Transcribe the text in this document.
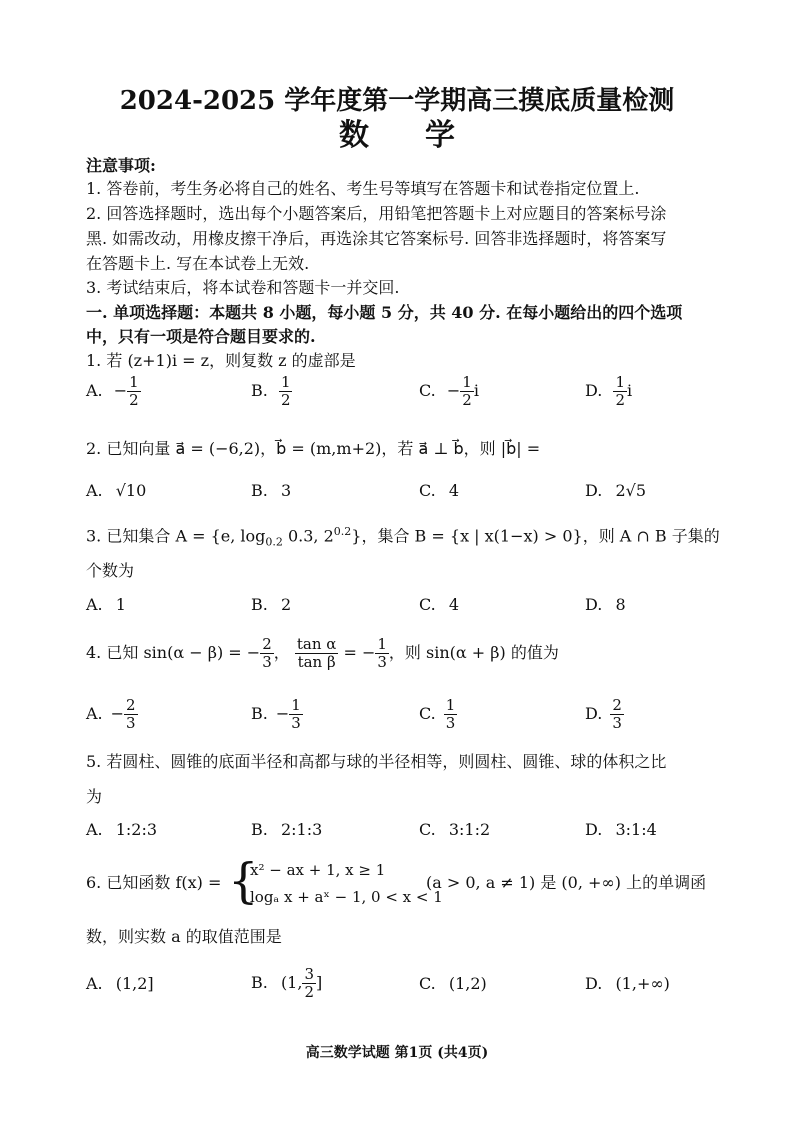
2024-2025 学年度第一学期高三摸底质量检测
数学
注意事项:
1. 答卷前，考生务必将自己的姓名、考生号等填写在答题卡和试卷指定位置上.
2. 回答选择题时，选出每个小题答案后，用铅笔把答题卡上对应题目的答案标号涂
黑. 如需改动，用橡皮擦干净后，再选涂其它答案标号. 回答非选择题时，将答案写
在答题卡上. 写在本试卷上无效.
3. 考试结束后，将本试卷和答题卡一并交回.
一. 单项选择题：本题共 8 小题，每小题 5 分，共 40 分. 在每小题给出的四个选项
中，只有一项是符合题目要求的.
1. 若 (z+1)i = z，则复数 z 的虚部是
A. − $\frac{1}{2}$	B. $\frac{1}{2}$	C. − $\frac{1}{2}$ i	D. $\frac{1}{2}$ i
2. 已知向量 a⃗ = (−6,2)，b⃗ = (m,m+2)，若 a⃗ ⊥ b⃗，则 |b⃗| =
A. √10	B. 3	C. 4	D. 2√5
3. 已知集合 A = {e, $\log_{0.2} 0.3$, $2^{0.2}$}，集合 B = {x | x(1−x) > 0}，则 A ∩ B 子集的
个数为
A. 1	B. 2	C. 4	D. 8
4. 已知 sin(α − β) = − $\frac{2}{3}$ ， $\frac{\text{tan α}}{\text{tan β}}$ = − $\frac{1}{3}$ ，则 sin(α + β) 的值为
A. − $\frac{2}{3}$	B. − $\frac{1}{3}$	C. $\frac{1}{3}$	D. $\frac{2}{3}$
5. 若圆柱、圆锥的底面半径和高都与球的半径相等，则圆柱、圆锥、球的体积之比
为
A. 1:2:3	B. 2:1:3	C. 3:1:2	D. 3:1:4
6. 已知函数 f(x) = {
x² − ax + 1, x ≥ 1
logₐ x + aˣ − 1, 0 < x < 1
(a > 0, a ≠ 1) 是 (0, +∞) 上的单调函
数，则实数 a 的取值范围是
A. (1,2]	B. (1, $\frac{3}{2}$ ]	C. (1,2)	D. (1,+∞)
高三数学试题 第1页 (共4页)
